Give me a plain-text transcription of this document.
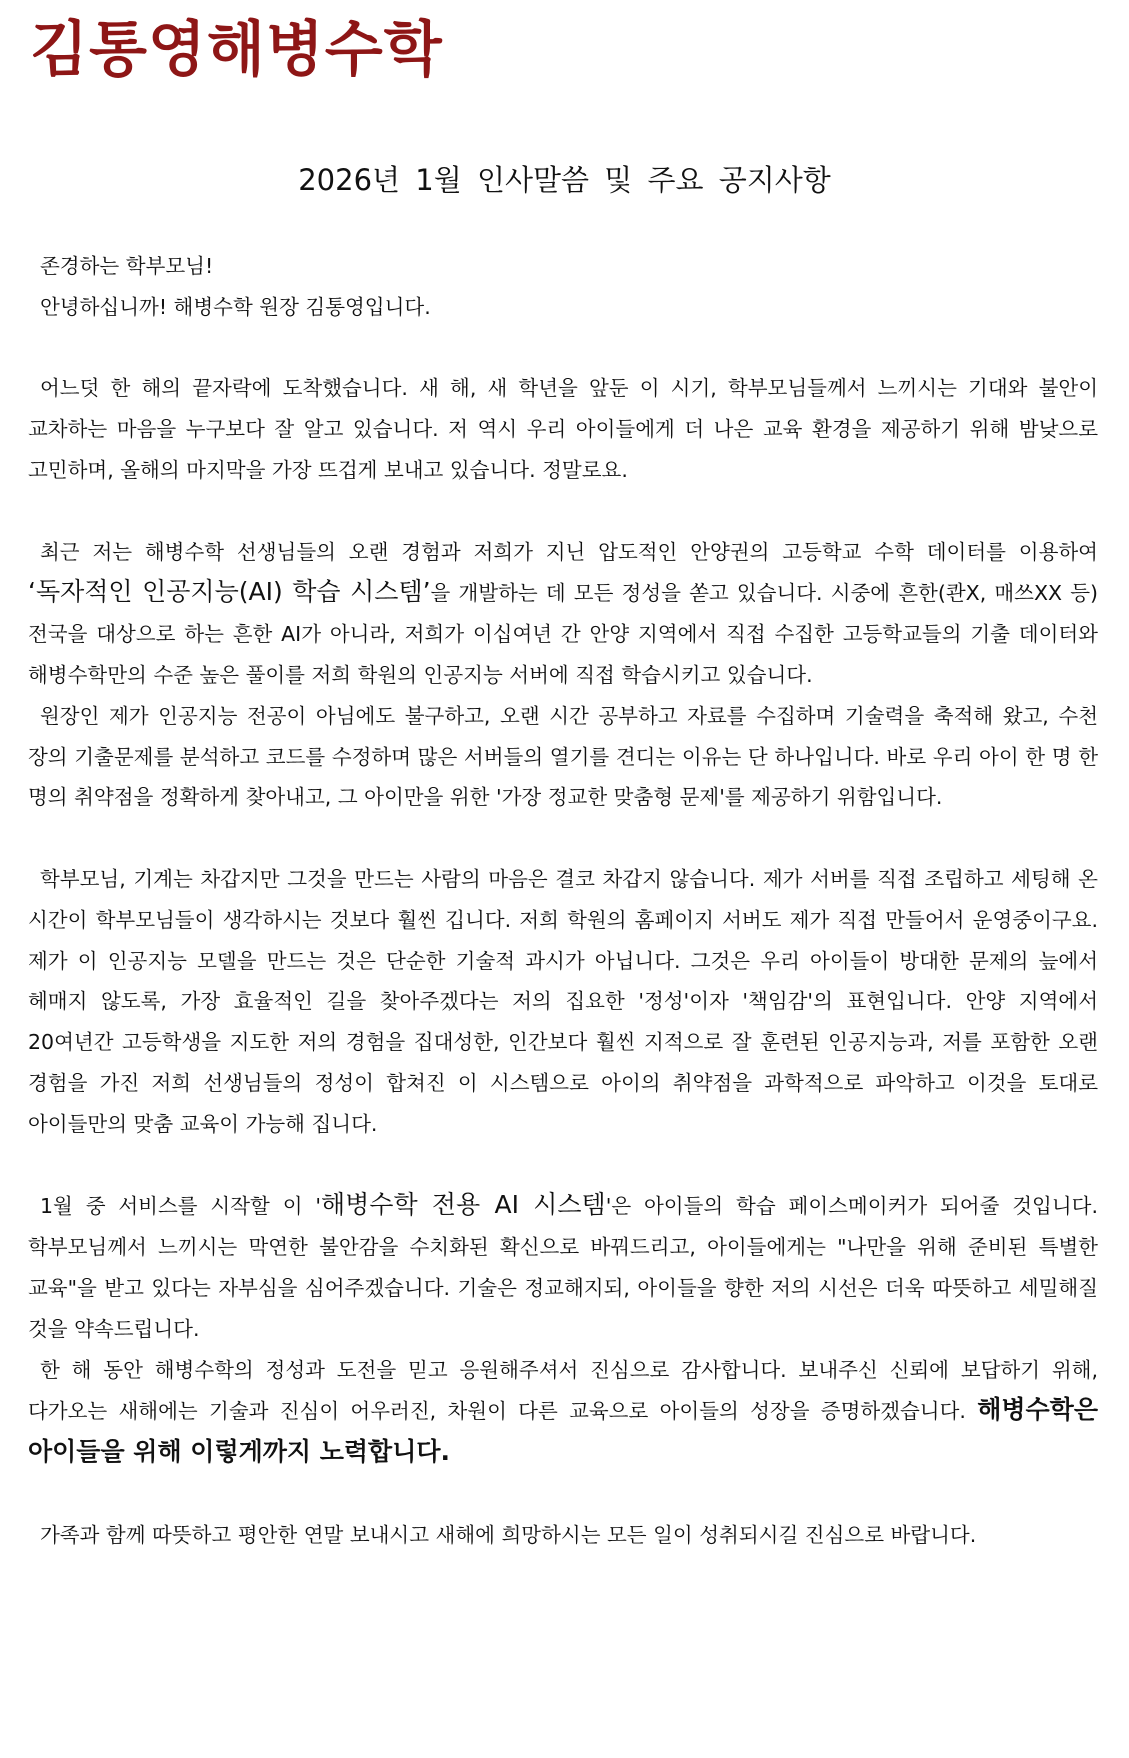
김통영해병수학
2026년 1월 인사말씀 및 주요 공지사항

존경하는 학부모님!

안녕하십니까! 해병수학 원장 김통영입니다.

어느덧 한 해의 끝자락에 도착했습니다. 새 해, 새 학년을 앞둔 이 시기, 학부모님들께서 느끼시는 기대와 불안이 교차하는 마음을 누구보다 잘 알고 있습니다. 저 역시 우리 아이들에게 더 나은 교육 환경을 제공하기 위해 밤낮으로 고민하며, 올해의 마지막을 가장 뜨겁게 보내고 있습니다. 정말로요.

최근 저는 해병수학 선생님들의 오랜 경험과 저희가 지닌 압도적인 안양권의 고등학교 수학 데이터를 이용하여 ‘독자적인 인공지능(AI) 학습 시스템’을 개발하는 데 모든 정성을 쏟고 있습니다. 시중에 흔한(콴X, 매쓰XX 등) 전국을 대상으로 하는 흔한 AI가 아니라, 저희가 이십여년 간 안양 지역에서 직접 수집한 고등학교들의 기출 데이터와 해병수학만의 수준 높은 풀이를 저희 학원의 인공지능 서버에 직접 학습시키고 있습니다.

원장인 제가 인공지능 전공이 아님에도 불구하고, 오랜 시간 공부하고 자료를 수집하며 기술력을 축적해 왔고, 수천 장의 기출문제를 분석하고 코드를 수정하며 많은 서버들의 열기를 견디는 이유는 단 하나입니다. 바로 우리 아이 한 명 한 명의 취약점을 정확하게 찾아내고, 그 아이만을 위한 '가장 정교한 맞춤형 문제'를 제공하기 위함입니다.

학부모님, 기계는 차갑지만 그것을 만드는 사람의 마음은 결코 차갑지 않습니다. 제가 서버를 직접 조립하고 세팅해 온 시간이 학부모님들이 생각하시는 것보다 훨씬 깁니다. 저희 학원의 홈페이지 서버도 제가 직접 만들어서 운영중이구요. 제가 이 인공지능 모델을 만드는 것은 단순한 기술적 과시가 아닙니다. 그것은 우리 아이들이 방대한 문제의 늪에서 헤매지 않도록, 가장 효율적인 길을 찾아주겠다는 저의 집요한 '정성'이자 '책임감'의 표현입니다. 안양 지역에서 20여년간 고등학생을 지도한 저의 경험을 집대성한, 인간보다 훨씬 지적으로 잘 훈련된 인공지능과, 저를 포함한 오랜 경험을 가진 저희 선생님들의 정성이 합쳐진 이 시스템으로 아이의 취약점을 과학적으로 파악하고 이것을 토대로 아이들만의 맞춤 교육이 가능해 집니다.

1월 중 서비스를 시작할 이 '해병수학 전용 AI 시스템'은 아이들의 학습 페이스메이커가 되어줄 것입니다. 학부모님께서 느끼시는 막연한 불안감을 수치화된 확신으로 바꿔드리고, 아이들에게는 "나만을 위해 준비된 특별한 교육"을 받고 있다는 자부심을 심어주겠습니다. 기술은 정교해지되, 아이들을 향한 저의 시선은 더욱 따뜻하고 세밀해질 것을 약속드립니다.

한 해 동안 해병수학의 정성과 도전을 믿고 응원해주셔서 진심으로 감사합니다. 보내주신 신뢰에 보답하기 위해, 다가오는 새해에는 기술과 진심이 어우러진, 차원이 다른 교육으로 아이들의 성장을 증명하겠습니다. 해병수학은 아이들을 위해 이렇게까지 노력합니다.

가족과 함께 따뜻하고 평안한 연말 보내시고 새해에 희망하시는 모든 일이 성취되시길 진심으로 바랍니다.
